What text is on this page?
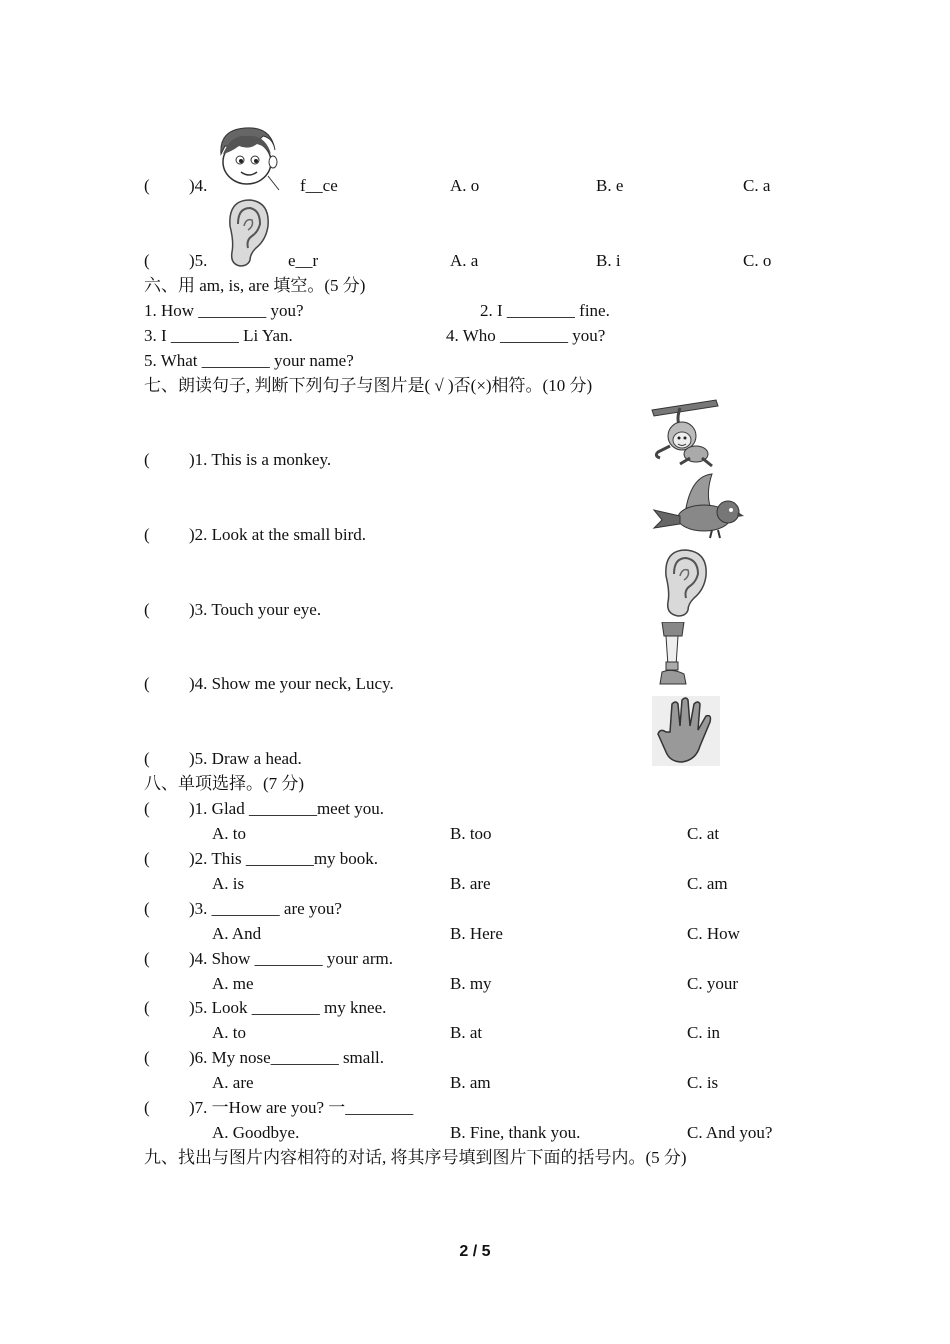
( )4.	f__ce	A. o	B. e	C. a
( )5.	e__r	A. a	B. i	C. o
六、用 am, is, are 填空。(5 分)
1. How ________ you?	2. I ________ fine.
3. I ________ Li Yan.	4. Who ________ you?
5. What ________ your name?
七、朗读句子, 判断下列句子与图片是( √ )否(×)相符。(10 分)
( )1. This is a monkey.
( )2. Look at the small bird.
( )3. Touch your eye.
( )4. Show me your neck, Lucy.
( )5. Draw a head.
八、单项选择。(7 分)
( )1. Glad ________meet you.
A. to	B. too	C. at
( )2. This ________my book.
A. is	B. are	C. am
( )3. ________ are you?
A. And	B. Here	C. How
( )4. Show ________ your arm.
A. me	B. my	C. your
( )5. Look ________ my knee.
A. to	B. at	C. in
( )6. My nose________ small.
A. are	B. am	C. is
( )7. 一How are you? 一________
A. Goodbye.	B. Fine, thank you.	C. And you?
九、找出与图片内容相符的对话, 将其序号填到图片下面的括号内。(5 分)
2 / 5
